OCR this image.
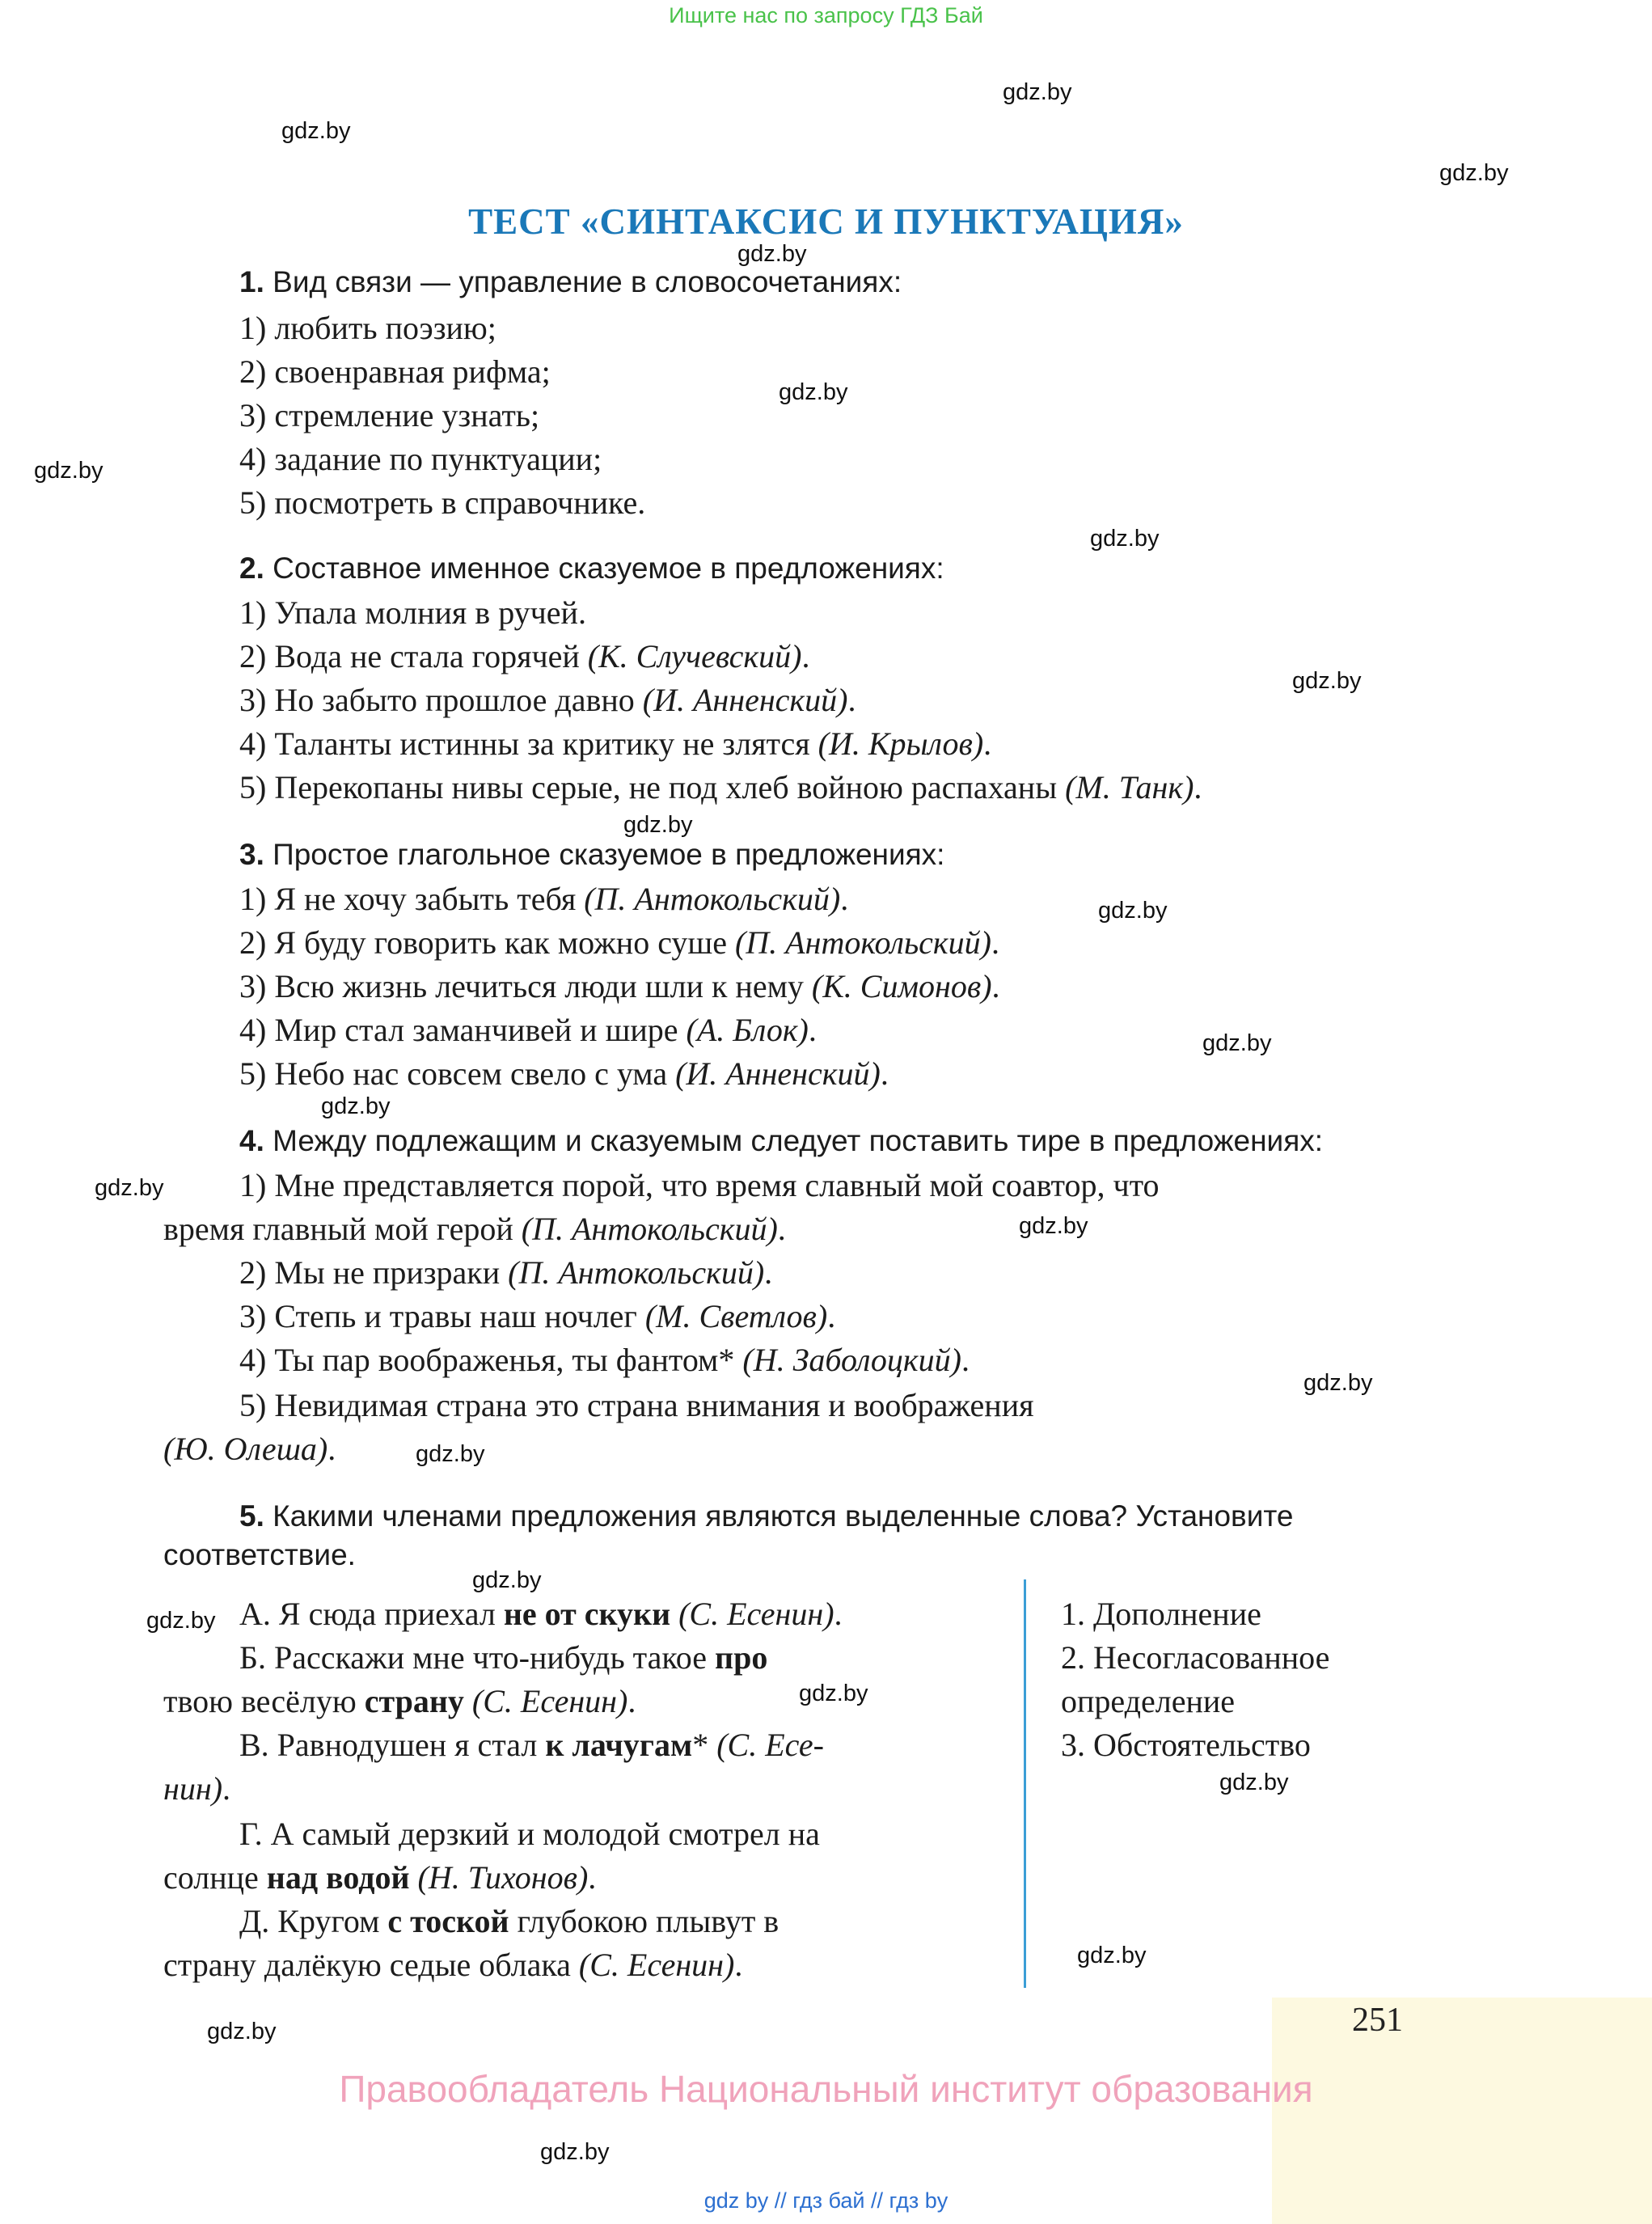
Ищите нас по запросу ГДЗ Бай
gdz.by
gdz.by
gdz.by
gdz.by
gdz.by
gdz.by
gdz.by
gdz.by
gdz.by
gdz.by
gdz.by
gdz.by
gdz.by
gdz.by
gdz.by
gdz.by
gdz.by
gdz.by
gdz.by
gdz.by
gdz.by
gdz.by
gdz.by
ТЕСТ «СИНТАКСИС И ПУНКТУАЦИЯ»
1. Вид связи — управление в словосочетаниях:
1) любить поэзию;
2) своенравная рифма;
3) стремление узнать;
4) задание по пунктуации;
5) посмотреть в справочнике.
2. Составное именное сказуемое в предложениях:
1) Упала молния в ручей.
2) Вода не стала горячей (К. Случевский).
3) Но забыто прошлое давно (И. Анненский).
4) Таланты истинны за критику не злятся (И. Крылов).
5) Перекопаны нивы серые, не под хлеб войною распаханы (М. Танк).
3. Простое глагольное сказуемое в предложениях:
1) Я не хочу забыть тебя (П. Антокольский).
2) Я буду говорить как можно суше (П. Антокольский).
3) Всю жизнь лечиться люди шли к нему (К. Симонов).
4) Мир стал заманчивей и шире (А. Блок).
5) Небо нас совсем свело с ума (И. Анненский).
4. Между подлежащим и сказуемым следует поставить тире в предложениях:
1) Мне представляется порой, что время славный мой соавтор, что
время главный мой герой (П. Антокольский).
2) Мы не призраки (П. Антокольский).
3) Степь и травы наш ночлег (М. Светлов).
4) Ты пар воображенья, ты фантом* (Н. Заболоцкий).
5) Невидимая страна это страна внимания и воображения
(Ю. Олеша).
5. Какими членами предложения являются выделенные слова? Установите
соответствие.
А. Я сюда приехал не от скуки (С. Есенин).
Б. Расскажи мне что-нибудь такое про
твою весёлую страну (С. Есенин).
В. Равнодушен я стал к лачугам* (С. Есе-
нин).
Г. А самый дерзкий и молодой смотрел на
солнце над водой (Н. Тихонов).
Д. Кругом с тоской глубокою плывут в
страну далёкую седые облака (С. Есенин).
1. Дополнение
2. Несогласованное
определение
3. Обстоятельство
251
Правообладатель Национальный институт образования
gdz by // гдз бай // гдз by
